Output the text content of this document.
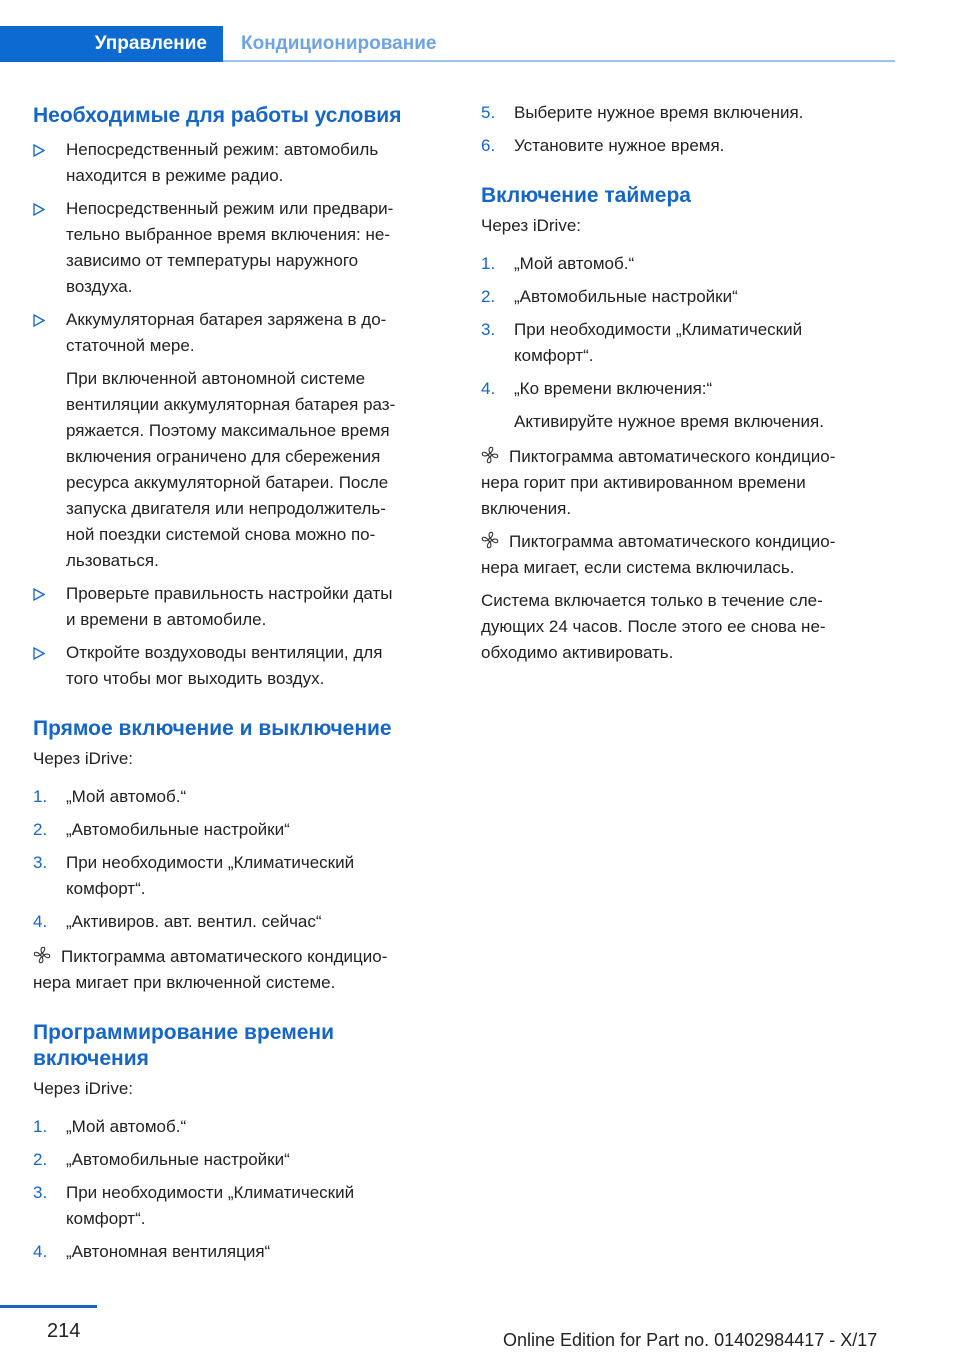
Управление	Кондиционирование
Необходимые для работы условия
Непосредственный режим: автомобиль
находится в режиме радио.
Непосредственный режим или предвари‐
тельно выбранное время включения: не‐
зависимо от температуры наружного
воздуха.
Аккумуляторная батарея заряжена в до‐
статочной мере.
При включенной автономной системе
вентиляции аккумуляторная батарея раз‐
ряжается. Поэтому максимальное время
включения ограничено для сбережения
ресурса аккумуляторной батареи. После
запуска двигателя или непродолжитель‐
ной поездки системой снова можно по‐
льзоваться.
Проверьте правильность настройки даты
и времени в автомобиле.
Откройте воздуховоды вентиляции, для
того чтобы мог выходить воздух.
Прямое включение и выключение

Через iDrive:

1. „Мой автомоб.“
2. „Автомобильные настройки“
3. При необходимости „Климатический
комфорт“.
4. „Активиров. авт. вентил. сейчас“
Пиктограмма автоматического кондицио‐
нера мигает при включенной системе.
Программирование времени
включения

Через iDrive:

1. „Мой автомоб.“
2. „Автомобильные настройки“
3. При необходимости „Климатический
комфорт“.
4. „Автономная вентиляция“
5. Выберите нужное время включения.
6. Установите нужное время.
Включение таймера

Через iDrive:

1. „Мой автомоб.“
2. „Автомобильные настройки“
3. При необходимости „Климатический
комфорт“.
4. „Ко времени включения:“
Активируйте нужное время включения.
Пиктограмма автоматического кондицио‐
нера горит при активированном времени
включения.
Пиктограмма автоматического кондицио‐
нера мигает, если система включилась.
Система включается только в течение сле‐
дующих 24 часов. После этого ее снова не‐
обходимо активировать.
214	Online Edition for Part no. 01402984417 - X/17
